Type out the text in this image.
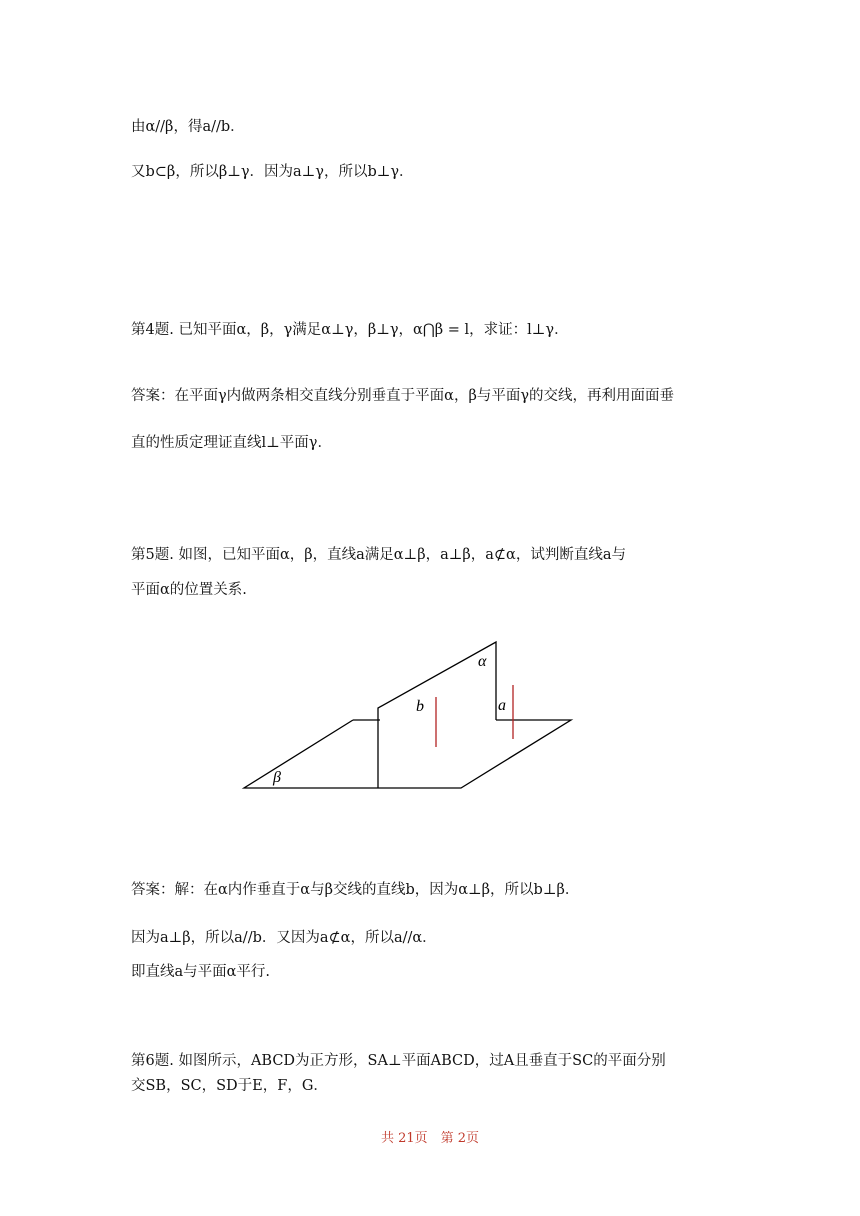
由α//β，得a//b．
又b⊂β，所以β⊥γ．因为a⊥γ，所以b⊥γ．
第4题. 已知平面α，β，γ满足α⊥γ，β⊥γ，α⋂β = l，求证：l⊥γ．
答案：在平面γ内做两条相交直线分别垂直于平面α，β与平面γ的交线，再利用面面垂
直的性质定理证直线l⊥平面γ．
第5题. 如图，已知平面α，β，直线a满足α⊥β，a⊥β，a⊄α，试判断直线a与
平面α的位置关系.
α
b	a
β
答案：解：在α内作垂直于α与β交线的直线b，因为α⊥β，所以b⊥β．
因为a⊥β，所以a//b．又因为a⊄α，所以a//α．
即直线a与平面α平行.
第6题. 如图所示，ABCD为正方形，SA⊥平面ABCD，过A且垂直于SC的平面分别
交SB，SC，SD于E，F，G．
共 21页　第 2页
